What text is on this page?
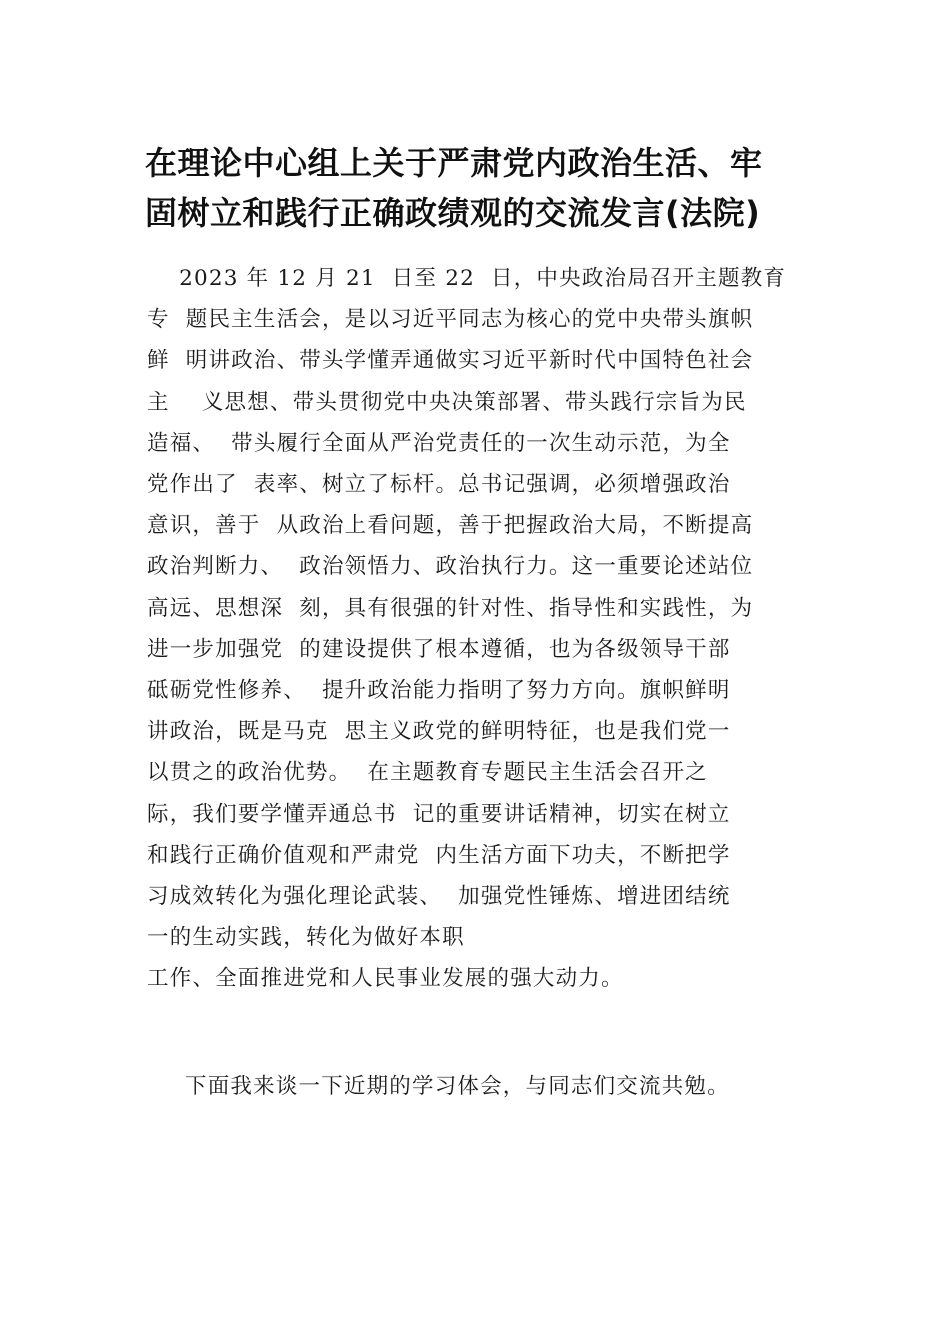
在理论中心组上关于严肃党内政治生活、牢
固树立和践行正确政绩观的交流发言(法院)
2023 年 12 月 21  日至 22  日，中央政治局召开主题教育
专  题民主生活会，是以习近平同志为核心的党中央带头旗帜
鲜  明讲政治、带头学懂弄通做实习近平新时代中国特色社会
主    义思想、带头贯彻党中央决策部署、带头践行宗旨为民
造福、  带头履行全面从严治党责任的一次生动示范，为全
党作出了  表率、树立了标杆。总书记强调，必须增强政治
意识，善于  从政治上看问题，善于把握政治大局，不断提高
政治判断力、  政治领悟力、政治执行力。这一重要论述站位
高远、思想深  刻，具有很强的针对性、指导性和实践性，为
进一步加强党  的建设提供了根本遵循，也为各级领导干部
砥砺党性修养、  提升政治能力指明了努力方向。旗帜鲜明
讲政治，既是马克  思主义政党的鲜明特征，也是我们党一
以贯之的政治优势。  在主题教育专题民主生活会召开之
际，我们要学懂弄通总书  记的重要讲话精神，切实在树立
和践行正确价值观和严肃党  内生活方面下功夫，不断把学
习成效转化为强化理论武装、  加强党性锤炼、增进团结统
一的生动实践，转化为做好本职
工作、全面推进党和人民事业发展的强大动力。
下面我来谈一下近期的学习体会，与同志们交流共勉。
